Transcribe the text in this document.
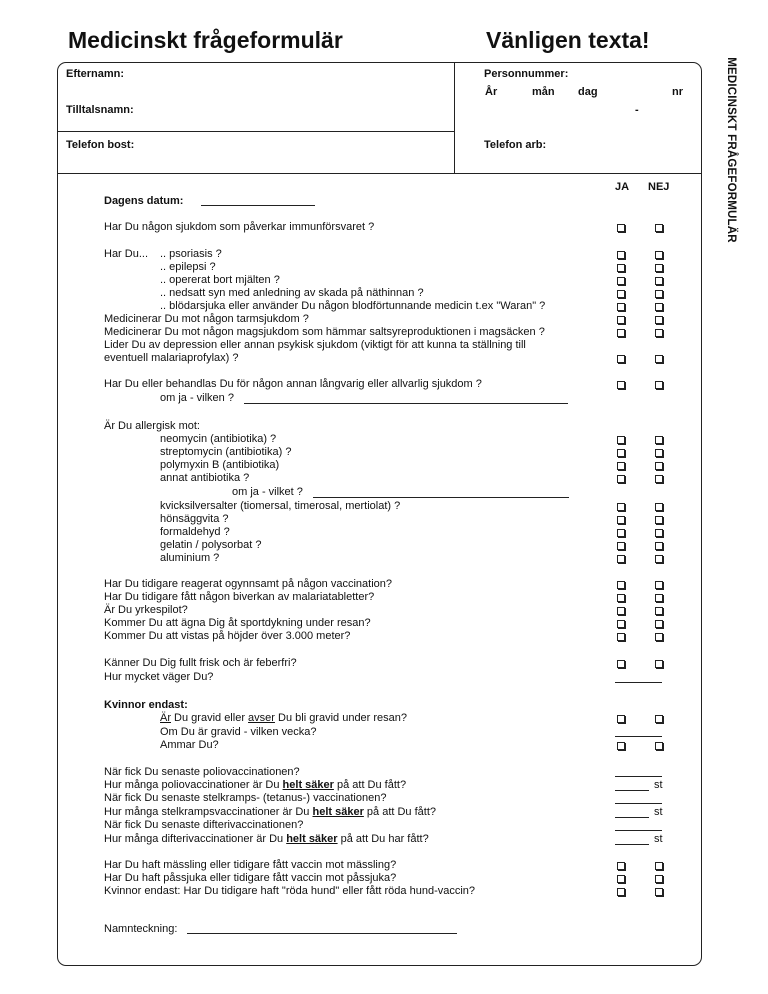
Medicinskt frågeformulär	Vänligen texta!
MEDICINSKT FRÅGEFORMULÄR
Efternamn:	Personnummer:
År	mån dag	nr
-
Tilltalsnamn:
Telefon bost:	Telefon arb:
JA NEJ
Dagens datum:
Har Du någon sjukdom som påverkar immunförsvaret ?
Har Du... .. psoriasis ?
.. epilepsi ?
.. opererat bort mjälten ?
.. nedsatt syn med anledning av skada på näthinnan ?
.. blödarsjuka eller använder Du någon blodförtunnande medicin t.ex "Waran" ?
Medicinerar Du mot någon tarmsjukdom ?
Medicinerar Du mot någon magsjukdom som hämmar saltsyreproduktionen i magsäcken ?
Lider Du av depression eller annan psykisk sjukdom (viktigt för att kunna ta ställning till
eventuell malariaprofylax) ?
Har Du eller behandlas Du för någon annan långvarig eller allvarlig sjukdom ?
om ja - vilken ?
Är Du allergisk mot:
neomycin (antibiotika) ?
streptomycin (antibiotika) ?
polymyxin B (antibiotika)
annat antibiotika ?
om ja - vilket ?
kvicksilversalter (tiomersal, timerosal, mertiolat) ?
hönsäggvita ?
formaldehyd ?
gelatin / polysorbat ?
aluminium ?
Har Du tidigare reagerat ogynnsamt på någon vaccination?
Har Du tidigare fått någon biverkan av malariatabletter?
Är Du yrkespilot?
Kommer Du att ägna Dig åt sportdykning under resan?
Kommer Du att vistas på höjder över 3.000 meter?
Känner Du Dig fullt frisk och är feberfri?
Hur mycket väger Du?
Kvinnor endast:
Är Du gravid eller avser Du bli gravid under resan?
Om Du är gravid - vilken vecka?
Ammar Du?
När fick Du senaste poliovaccinationen?
Hur många poliovaccinationer är Du helt säker på att Du fått?	st
När fick Du senaste stelkramps- (tetanus-) vaccinationen?
Hur många stelkrampsvaccinationer är Du helt säker på att Du fått?	st
När fick Du senaste difterivaccinationen?
Hur många difterivaccinationer är Du helt säker på att Du har fått?	st
Har Du haft mässling eller tidigare fått vaccin mot mässling?
Har Du haft påssjuka eller tidigare fått vaccin mot påssjuka?
Kvinnor endast: Har Du tidigare haft "röda hund" eller fått röda hund-vaccin?
Namnteckning:
